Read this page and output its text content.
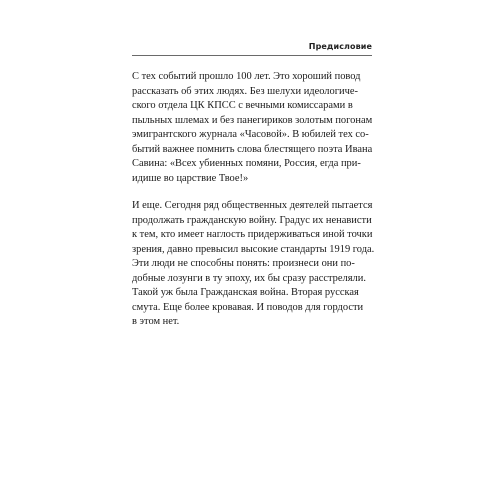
Предисловие

С тех событий прошло 100 лет. Это хороший повод
рассказать об этих людях. Без шелухи идеологиче-
ского отдела ЦК КПСС с вечными комиссарами в
пыльных шлемах и без панегириков золотым погонам
эмигрантского журнала «Часовой». В юбилей тех со-
бытий важнее помнить слова блестящего поэта Ивана
Савина: «Всех убиенных помяни, Россия, егда при-
идише во царствие Твое!»

И еще. Сегодня ряд общественных деятелей пытается
продолжать гражданскую войну. Градус их ненависти
к тем, кто имеет наглость придерживаться иной точки
зрения, давно превысил высокие стандарты 1919 года.
Эти люди не способны понять: произнеси они по-
добные лозунги в ту эпоху, их бы сразу расстреляли.
Такой уж была Гражданская война. Вторая русская
смута. Еще более кровавая. И поводов для гордости
в этом нет.
